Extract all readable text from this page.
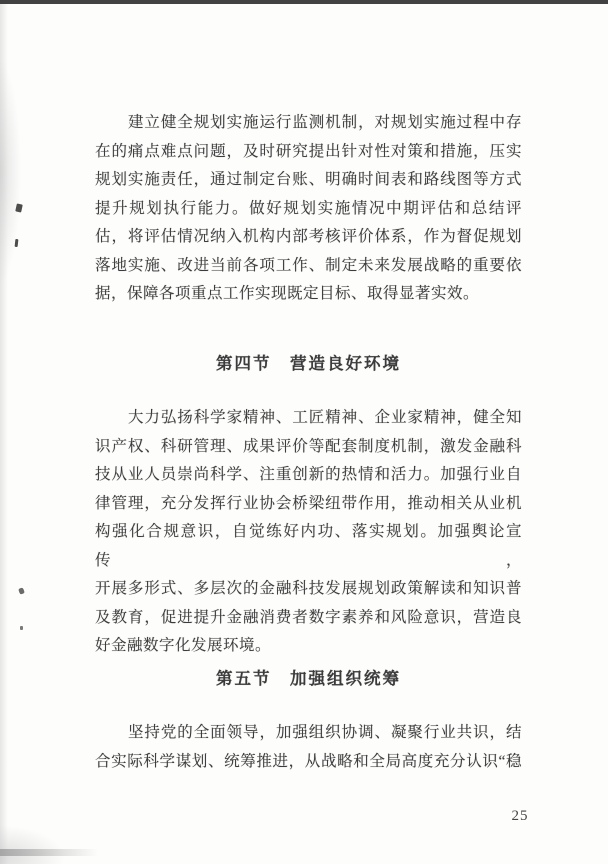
建立健全规划实施运行监测机制，对规划实施过程中存
在的痛点难点问题，及时研究提出针对性对策和措施，压实
规划实施责任，通过制定台账、明确时间表和路线图等方式
提升规划执行能力。做好规划实施情况中期评估和总结评
估，将评估情况纳入机构内部考核评价体系，作为督促规划
落地实施、改进当前各项工作、制定未来发展战略的重要依
据，保障各项重点工作实现既定目标、取得显著实效。
第四节　营造良好环境
大力弘扬科学家精神、工匠精神、企业家精神，健全知
识产权、科研管理、成果评价等配套制度机制，激发金融科
技从业人员崇尚科学、注重创新的热情和活力。加强行业自
律管理，充分发挥行业协会桥梁纽带作用，推动相关从业机
构强化合规意识，自觉练好内功、落实规划。加强舆论宣传，
开展多形式、多层次的金融科技发展规划政策解读和知识普
及教育，促进提升金融消费者数字素养和风险意识，营造良
好金融数字化发展环境。
第五节　加强组织统筹
坚持党的全面领导，加强组织协调、凝聚行业共识，结
合实际科学谋划、统筹推进，从战略和全局高度充分认识“稳
25
